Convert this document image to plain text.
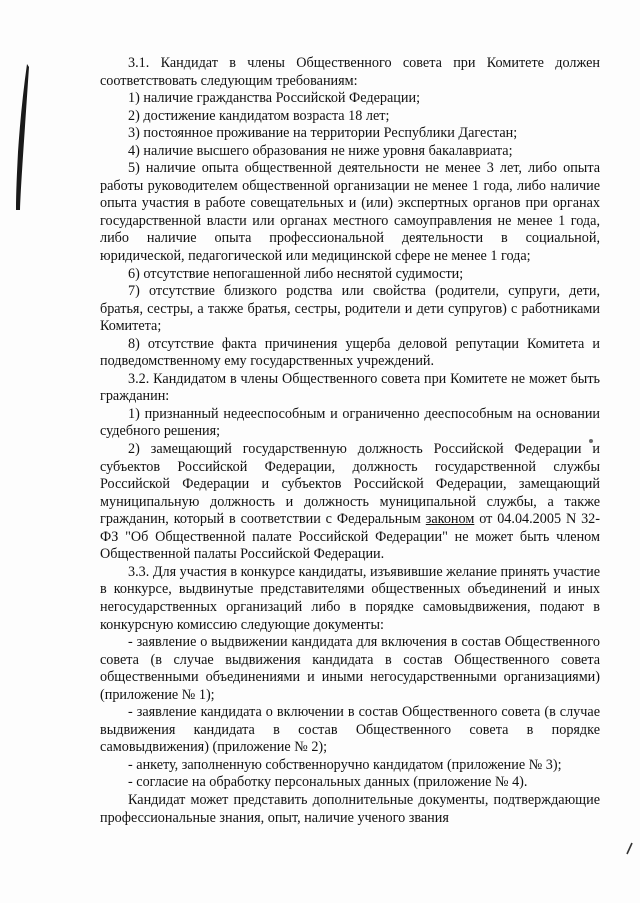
3.1. Кандидат в члены Общественного совета при Комитете должен соответствовать следующим требованиям:

1) наличие гражданства Российской Федерации;

2) достижение кандидатом возраста 18 лет;

3) постоянное проживание на территории Республики Дагестан;

4) наличие высшего образования не ниже уровня бакалавриата;

5) наличие опыта общественной деятельности не менее 3 лет, либо опыта работы руководителем общественной организации не менее 1 года, либо наличие опыта участия в работе совещательных и (или) экспертных органов при органах государственной власти или органах местного самоуправления не менее 1 года, либо наличие опыта профессиональной деятельности в социальной, юридической, педагогической или медицинской сфере не менее 1 года;

6) отсутствие непогашенной либо неснятой судимости;

7) отсутствие близкого родства или свойства (родители, супруги, дети, братья, сестры, а также братья, сестры, родители и дети супругов) с работниками Комитета;

8) отсутствие факта причинения ущерба деловой репутации Комитета и подведомственному ему государственных учреждений.

3.2. Кандидатом в члены Общественного совета при Комитете не может быть гражданин:

1) признанный недееспособным и ограниченно дееспособным на основании судебного решения;

2) замещающий государственную должность Российской Федерации и субъектов Российской Федерации, должность государственной службы Российской Федерации и субъектов Российской Федерации, замещающий муниципальную должность и должность муниципальной службы, а также гражданин, который в соответствии с Федеральным законом от 04.04.2005 N 32-ФЗ "Об Общественной палате Российской Федерации" не может быть членом Общественной палаты Российской Федерации.

3.3. Для участия в конкурсе кандидаты, изъявившие желание принять участие в конкурсе, выдвинутые представителями общественных объединений и иных негосударственных организаций либо в порядке самовыдвижения, подают в конкурсную комиссию следующие документы:

- заявление о выдвижении кандидата для включения в состав Общественного совета (в случае выдвижения кандидата в состав Общественного совета общественными объединениями и иными негосударственными организациями) (приложение № 1);

- заявление кандидата о включении в состав Общественного совета (в случае выдвижения кандидата в состав Общественного совета в порядке самовыдвижения) (приложение № 2);

- анкету, заполненную собственноручно кандидатом (приложение № 3);

- согласие на обработку персональных данных (приложение № 4).

Кандидат может представить дополнительные документы, подтверждающие профессиональные знания, опыт, наличие ученого звания
